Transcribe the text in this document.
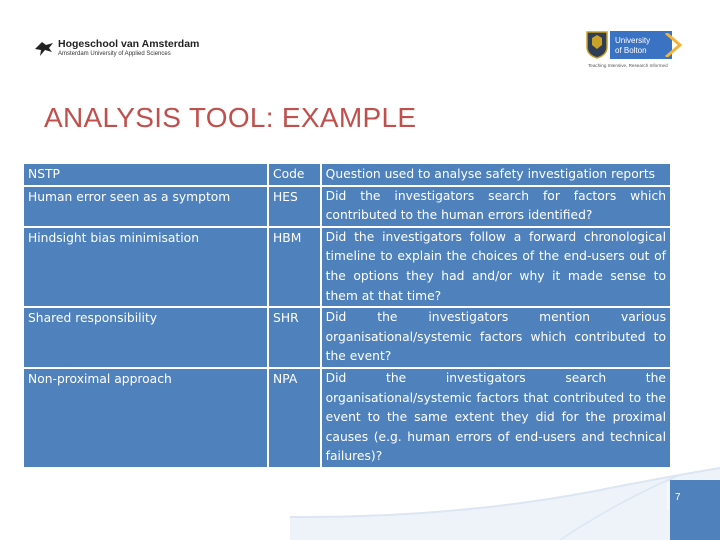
Hogeschool van Amsterdam
Amsterdam University of Applied Sciences
University
of Bolton
Teaching Intensive, Research Informed
ANALYSIS TOOL: EXAMPLE
NSTP	Code	Question used to analyse safety investigation reports
Human error seen as a symptom	HES	Did the investigators search for factors which contributed to the human errors identified?
Hindsight bias minimisation	HBM	Did the investigators follow a forward chronological timeline to explain the choices of the end-users out of the options they had and/or why it made sense to them at that time?
Shared responsibility	SHR	Did the investigators mention various organisational/systemic factors which contributed to the event?
Non-proximal approach	NPA	Did the investigators search the organisational/systemic factors that contributed to the event to the same extent they did for the proximal causes (e.g. human errors of end-users and technical failures)?
7
